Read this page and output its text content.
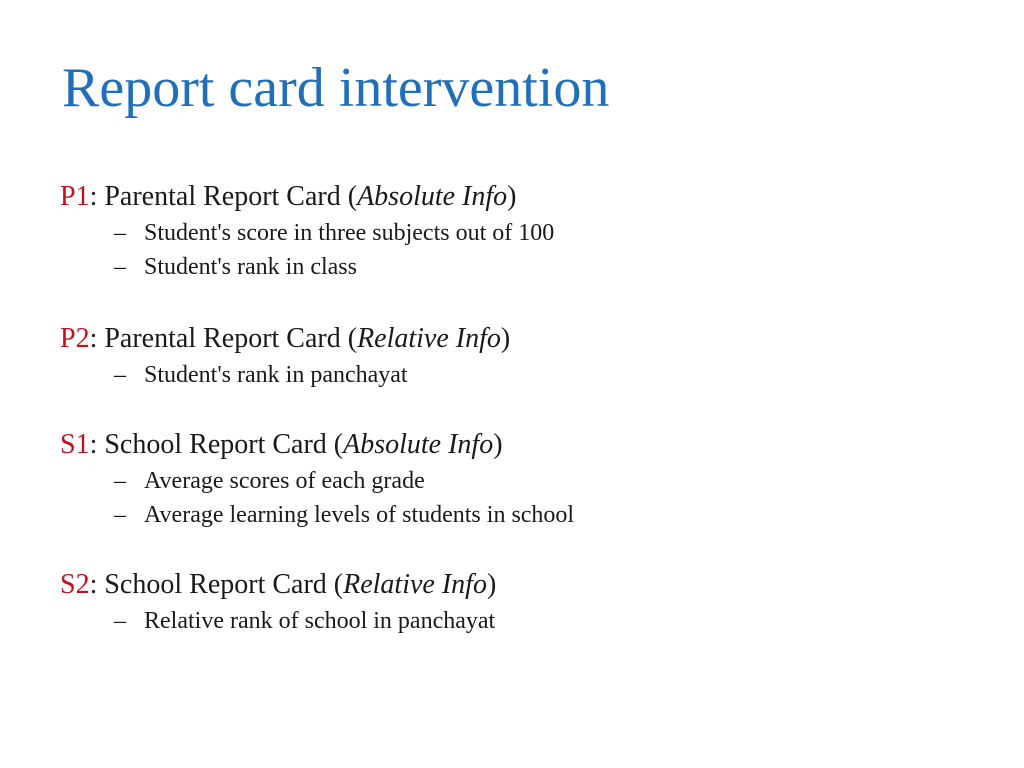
Report card intervention
P1: Parental Report Card (Absolute Info)
– Student's score in three subjects out of 100
– Student's rank in class
P2: Parental Report Card (Relative Info)
– Student's rank in panchayat
S1: School Report Card (Absolute Info)
– Average scores of each grade
– Average learning levels of students in school
S2: School Report Card (Relative Info)
– Relative rank of school in panchayat
